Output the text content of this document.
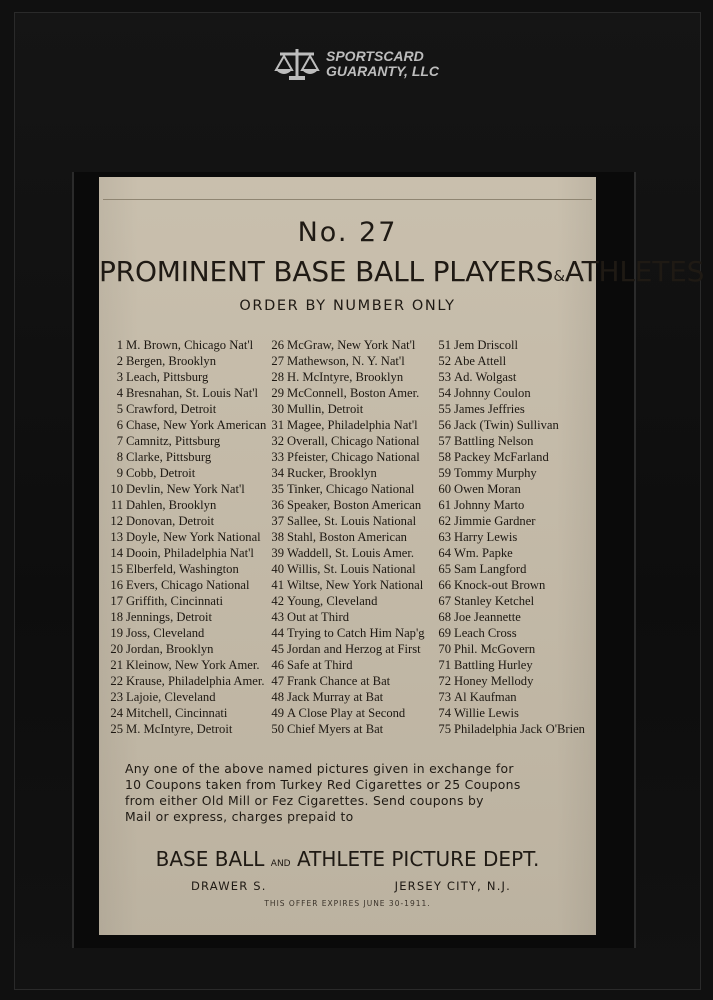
SPORTSCARD
GUARANTY, LLC
No. 27
PROMINENT BASE BALL PLAYERS&ATHLETES
ORDER BY NUMBER ONLY
1 M. Brown, Chicago Nat'l
2 Bergen, Brooklyn
3 Leach, Pittsburg
4 Bresnahan, St. Louis Nat'l
5 Crawford, Detroit
6 Chase, New York American
7 Camnitz, Pittsburg
8 Clarke, Pittsburg
9 Cobb, Detroit
10 Devlin, New York Nat'l
11 Dahlen, Brooklyn
12 Donovan, Detroit
13 Doyle, New York National
14 Dooin, Philadelphia Nat'l
15 Elberfeld, Washington
16 Evers, Chicago National
17 Griffith, Cincinnati
18 Jennings, Detroit
19 Joss, Cleveland
20 Jordan, Brooklyn
21 Kleinow, New York Amer.
22 Krause, Philadelphia Amer.
23 Lajoie, Cleveland
24 Mitchell, Cincinnati
25 M. McIntyre, Detroit
26 McGraw, New York Nat'l
27 Mathewson, N. Y. Nat'l
28 H. McIntyre, Brooklyn
29 McConnell, Boston Amer.
30 Mullin, Detroit
31 Magee, Philadelphia Nat'l
32 Overall, Chicago National
33 Pfeister, Chicago National
34 Rucker, Brooklyn
35 Tinker, Chicago National
36 Speaker, Boston American
37 Sallee, St. Louis National
38 Stahl, Boston American
39 Waddell, St. Louis Amer.
40 Willis, St. Louis National
41 Wiltse, New York National
42 Young, Cleveland
43 Out at Third
44 Trying to Catch Him Nap'g
45 Jordan and Herzog at First
46 Safe at Third
47 Frank Chance at Bat
48 Jack Murray at Bat
49 A Close Play at Second
50 Chief Myers at Bat
51 Jem Driscoll
52 Abe Attell
53 Ad. Wolgast
54 Johnny Coulon
55 James Jeffries
56 Jack (Twin) Sullivan
57 Battling Nelson
58 Packey McFarland
59 Tommy Murphy
60 Owen Moran
61 Johnny Marto
62 Jimmie Gardner
63 Harry Lewis
64 Wm. Papke
65 Sam Langford
66 Knock-out Brown
67 Stanley Ketchel
68 Joe Jeannette
69 Leach Cross
70 Phil. McGovern
71 Battling Hurley
72 Honey Mellody
73 Al Kaufman
74 Willie Lewis
75 Philadelphia Jack O'Brien
Any one of the above named pictures given in exchange for
10 Coupons taken from Turkey Red Cigarettes or 25 Coupons
from either Old Mill or Fez Cigarettes. Send coupons by
Mail or express, charges prepaid to
BASE BALL AND ATHLETE PICTURE DEPT.
DRAWER S.	JERSEY CITY, N.J.
THIS OFFER EXPIRES JUNE 30-1911.
